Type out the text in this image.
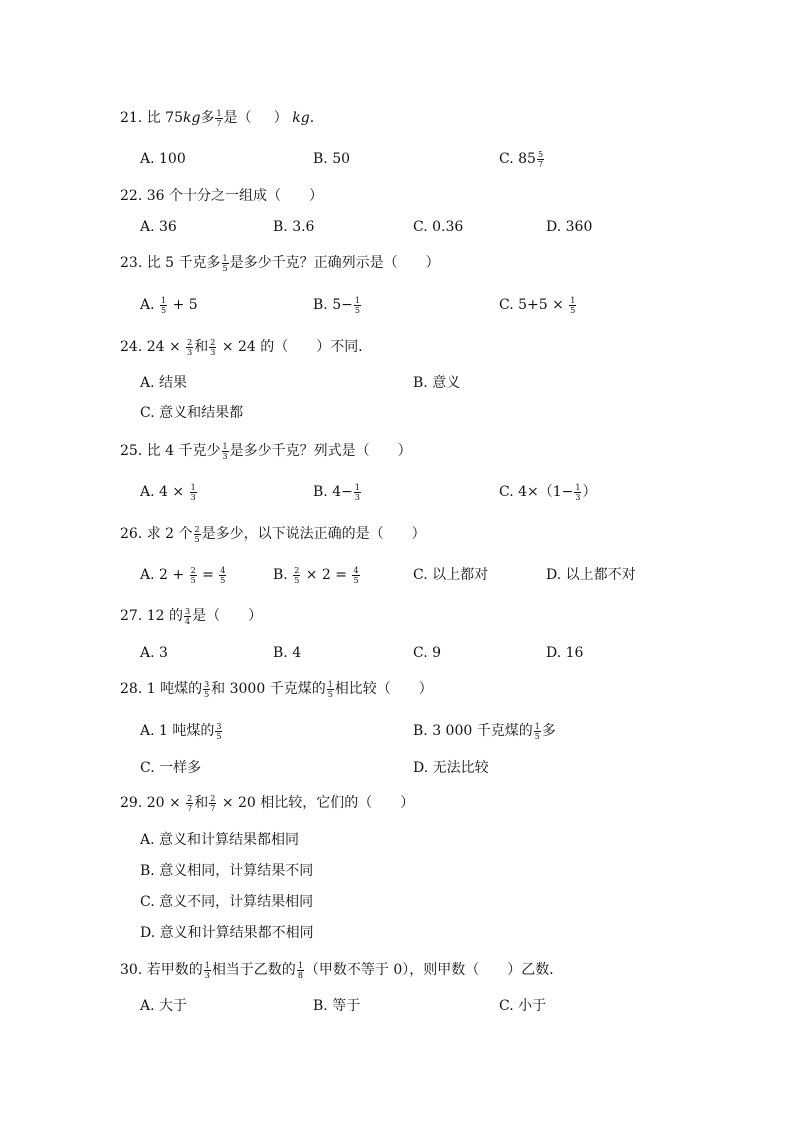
21. 比 75kg多 $\frac{1}{7}$ 是（ ） kg．
A. 100	B. 50	C. $85 \frac{5}{7}$
22. 36 个十分之一组成（　　）
A. 36	B. 3.6	C. 0.36	D. 360
23. 比 5 千克多 $\frac{1}{5}$ 是多少千克？正确列示是（　　）
A. $\frac{1}{5} + 5$	B. $5- \frac{1}{5}$	C. $5+5 \times \frac{1}{5}$
24. $24 \times \frac{2}{3}$ 和 $\frac{2}{3} \times 24$ 的（　　）不同．
A. 结果	B. 意义
C. 意义和结果都
25. 比 4 千克少 $\frac{1}{3}$ 是多少千克？列式是（　　）
A. $4 \times \frac{1}{3}$	B. $4- \frac{1}{3}$	C. $4\times(1- \frac{1}{3}$ ）
26. 求 2 个 $\frac{2}{5}$ 是多少，以下说法正确的是（　　）
A. $2 + \frac{2}{5} = \frac{4}{5}$	B. $\frac{2}{5} \times 2 = \frac{4}{5}$	C. 以上都对	D. 以上都不对
27. 12 的 $\frac{3}{4}$ 是（　　）
A. 3	B. 4	C. 9	D. 16
28. 1 吨煤的 $\frac{3}{5}$ 和 3000 千克煤的 $\frac{1}{5}$ 相比较（　　）
A. 1 吨煤的 $\frac{3}{5}$	B. 3 000 千克煤的 $\frac{1}{5}$ 多
C. 一样多	D. 无法比较
29. $20 \times \frac{2}{7}$ 和 $\frac{2}{7} \times 20$ 相比较，它们的（　　）
A. 意义和计算结果都相同
B. 意义相同，计算结果不同
C. 意义不同，计算结果相同
D. 意义和计算结果都不相同
30. 若甲数的 $\frac{1}{3}$ 相当于乙数的 $\frac{1}{8}$ （甲数不等于 0），则甲数（　　）乙数．
A. 大于	B. 等于	C. 小于
